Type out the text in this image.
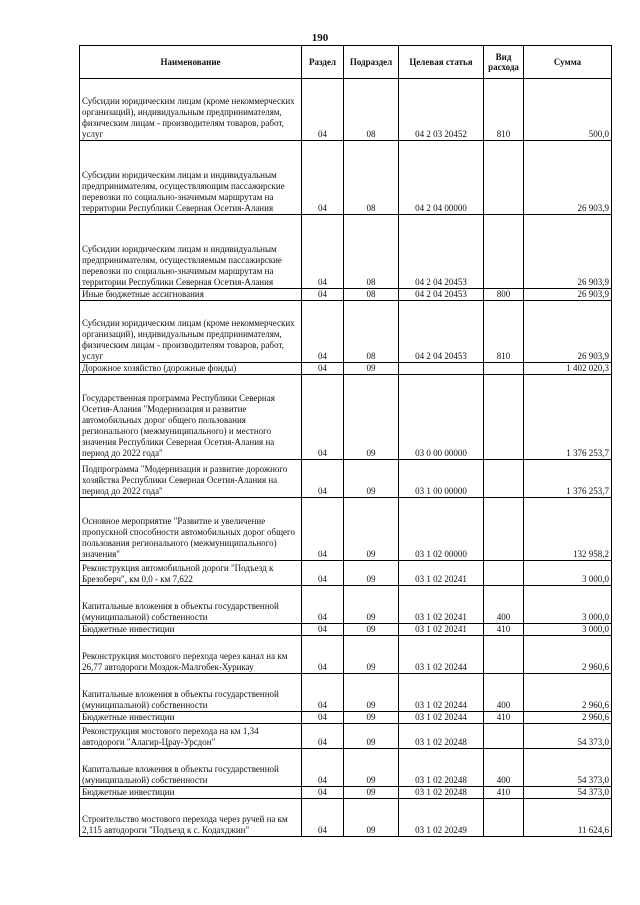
190
Наименование	Раздел	Подраздел	Целевая статья	Вид расхода	Сумма
Субсидии юридическим лицам (кроме некоммерческих организаций), индивидуальным предпринимателям, физическим лицам - производителям товаров, работ, услуг	04	08	04 2 03 20452	810	500,0
Субсидии юридическим лицам и индивидуальным предпринимателям, осуществляющим пассажирские перевозки по социально-значимым маршрутам на территории Республики Северная Осетия-Алания	04	08	04 2 04 00000		26 903,9
Субсидии юридическим лицам и индивидуальным предпринимателям, осуществляемым пассажирские перевозки по социально-значимым маршрутам на территории Республики Северная Осетия-Алания	04	08	04 2 04 20453		26 903,9
Иные бюджетные ассигнования	04	08	04 2 04 20453	800	26 903,9
Субсидии юридическим лицам (кроме некоммерческих организаций), индивидуальным предпринимателям, физическим лицам - производителям товаров, работ, услуг	04	08	04 2 04 20453	810	26 903,9
Дорожное хозяйство (дорожные фонды)	04	09			1 402 020,3
Государственная программа Республики Северная Осетия-Алания "Модернизация и развитие автомобильных дорог общего пользования регионального (межмуниципального) и местного значения Республики Северная Осетия-Алания на период до 2022 года"	04	09	03 0 00 00000		1 376 253,7
Подпрограмма "Модернизация и развитие дорожного хозяйства Республики Северная Осетия-Алания на период до 2022 года"	04	09	03 1 00 00000		1 376 253,7
Основное мероприятие "Развитие и увеличение пропускной способности автомобильных дорог общего пользования регионального (межмуниципального) значения"	04	09	03 1 02 00000		132 958,2
Реконструкция автомобильной дороги "Подъезд к Брезоберч", км 0,0 - км 7,622	04	09	03 1 02 20241		3 000,0
Капитальные вложения в объекты государственной (муниципальной) собственности	04	09	03 1 02 20241	400	3 000,0
Бюджетные инвестиции	04	09	03 1 02 20241	410	3 000,0
Реконструкция мостового перехода через канал на км 26,77 автодороги Моздок-Малгобек-Хурикау	04	09	03 1 02 20244		2 960,6
Капитальные вложения в объекты государственной (муниципальной) собственности	04	09	03 1 02 20244	400	2 960,6
Бюджетные инвестиции	04	09	03 1 02 20244	410	2 960,6
Реконструкция мостового перехода на км 1,34 автодороги "Алагир-Црау-Урсдон"	04	09	03 1 02 20248		54 373,0
Капитальные вложения в объекты государственной (муниципальной) собственности	04	09	03 1 02 20248	400	54 373,0
Бюджетные инвестиции	04	09	03 1 02 20248	410	54 373,0
Строительство мостового перехода через ручей на км 2,115 автодороги "Подъезд к с. Кодахджин"	04	09	03 1 02 20249		11 624,6
